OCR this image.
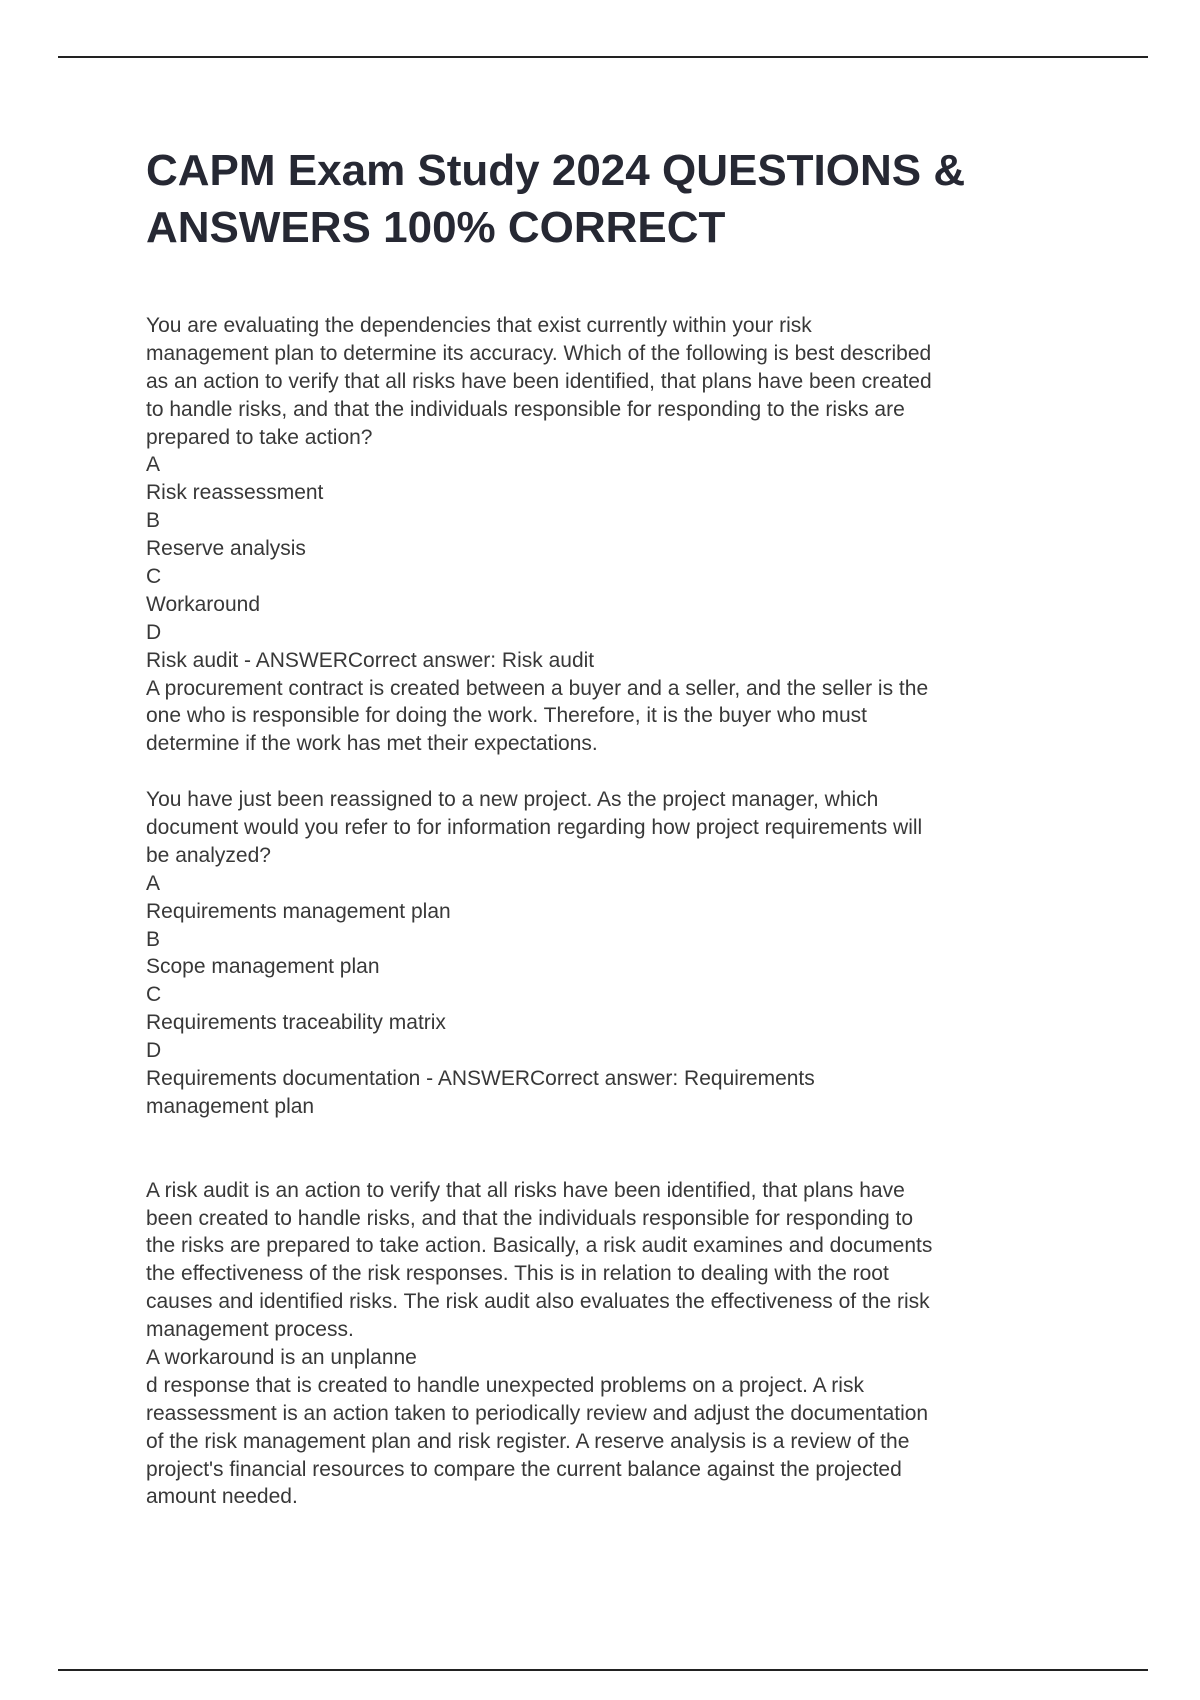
CAPM Exam Study 2024 QUESTIONS &
ANSWERS 100% CORRECT
You are evaluating the dependencies that exist currently within your risk
management plan to determine its accuracy. Which of the following is best described
as an action to verify that all risks have been identified, that plans have been created
to handle risks, and that the individuals responsible for responding to the risks are
prepared to take action?
A
Risk reassessment
B
Reserve analysis
C
Workaround
D
Risk audit - ANSWERCorrect answer: Risk audit
A procurement contract is created between a buyer and a seller, and the seller is the
one who is responsible for doing the work. Therefore, it is the buyer who must
determine if the work has met their expectations.
You have just been reassigned to a new project. As the project manager, which
document would you refer to for information regarding how project requirements will
be analyzed?
A
Requirements management plan
B
Scope management plan
C
Requirements traceability matrix
D
Requirements documentation - ANSWERCorrect answer: Requirements
management plan
A risk audit is an action to verify that all risks have been identified, that plans have
been created to handle risks, and that the individuals responsible for responding to
the risks are prepared to take action. Basically, a risk audit examines and documents
the effectiveness of the risk responses. This is in relation to dealing with the root
causes and identified risks. The risk audit also evaluates the effectiveness of the risk
management process.
A workaround is an unplanne
d response that is created to handle unexpected problems on a project. A risk
reassessment is an action taken to periodically review and adjust the documentation
of the risk management plan and risk register. A reserve analysis is a review of the
project's financial resources to compare the current balance against the projected
amount needed.
